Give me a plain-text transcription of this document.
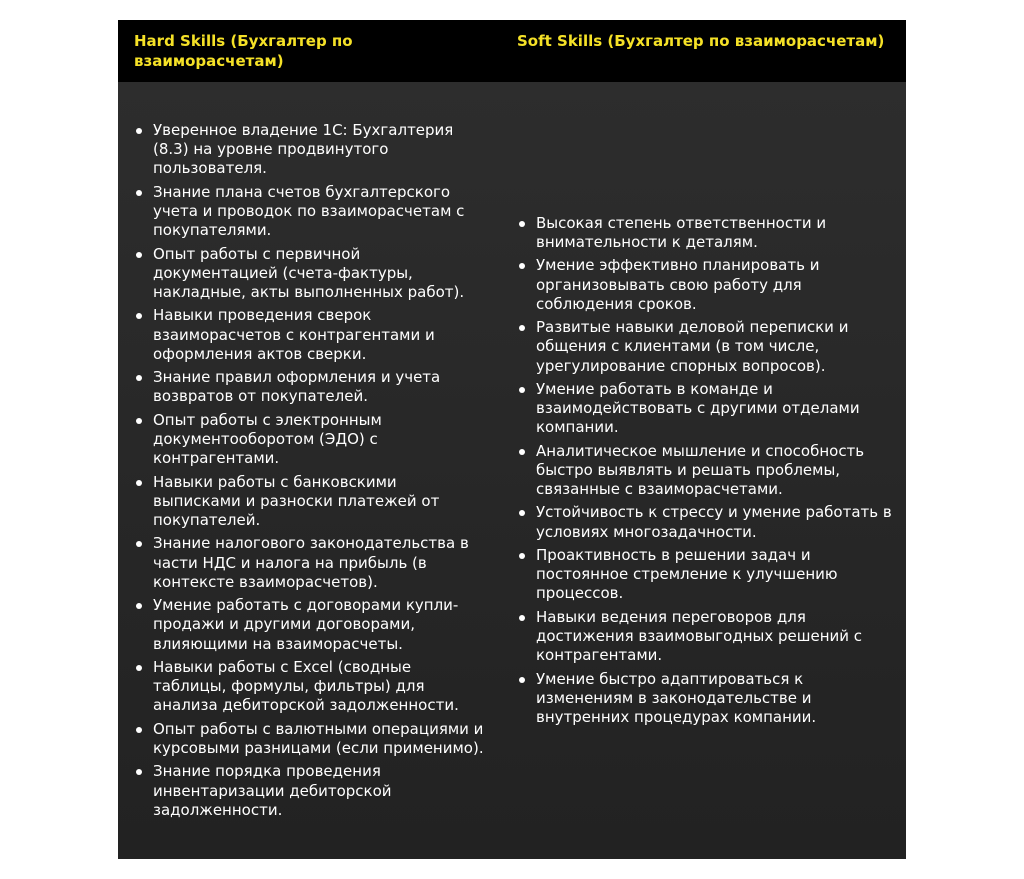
Hard Skills (Бухгалтер по взаиморасчетам)
Soft Skills (Бухгалтер по взаиморасчетам)
Уверенное владение 1С: Бухгалтерия (8.3) на уровне продвинутого пользователя.
Знание плана счетов бухгалтерского учета и проводок по взаиморасчетам с покупателями.
Опыт работы с первичной документацией (счета-фактуры, накладные, акты выполненных работ).
Навыки проведения сверок взаиморасчетов с контрагентами и оформления актов сверки.
Знание правил оформления и учета возвратов от покупателей.
Опыт работы с электронным документооборотом (ЭДО) с контрагентами.
Навыки работы с банковскими выписками и разноски платежей от покупателей.
Знание налогового законодательства в части НДС и налога на прибыль (в контексте взаиморасчетов).
Умение работать с договорами купли-продажи и другими договорами, влияющими на взаиморасчеты.
Навыки работы с Excel (сводные таблицы, формулы, фильтры) для анализа дебиторской задолженности.
Опыт работы с валютными операциями и курсовыми разницами (если применимо).
Знание порядка проведения инвентаризации дебиторской задолженности.
Высокая степень ответственности и внимательности к деталям.
Умение эффективно планировать и организовывать свою работу для соблюдения сроков.
Развитые навыки деловой переписки и общения с клиентами (в том числе, урегулирование спорных вопросов).
Умение работать в команде и взаимодействовать с другими отделами компании.
Аналитическое мышление и способность быстро выявлять и решать проблемы, связанные с взаиморасчетами.
Устойчивость к стрессу и умение работать в условиях многозадачности.
Проактивность в решении задач и постоянное стремление к улучшению процессов.
Навыки ведения переговоров для достижения взаимовыгодных решений с контрагентами.
Умение быстро адаптироваться к изменениям в законодательстве и внутренних процедурах компании.
